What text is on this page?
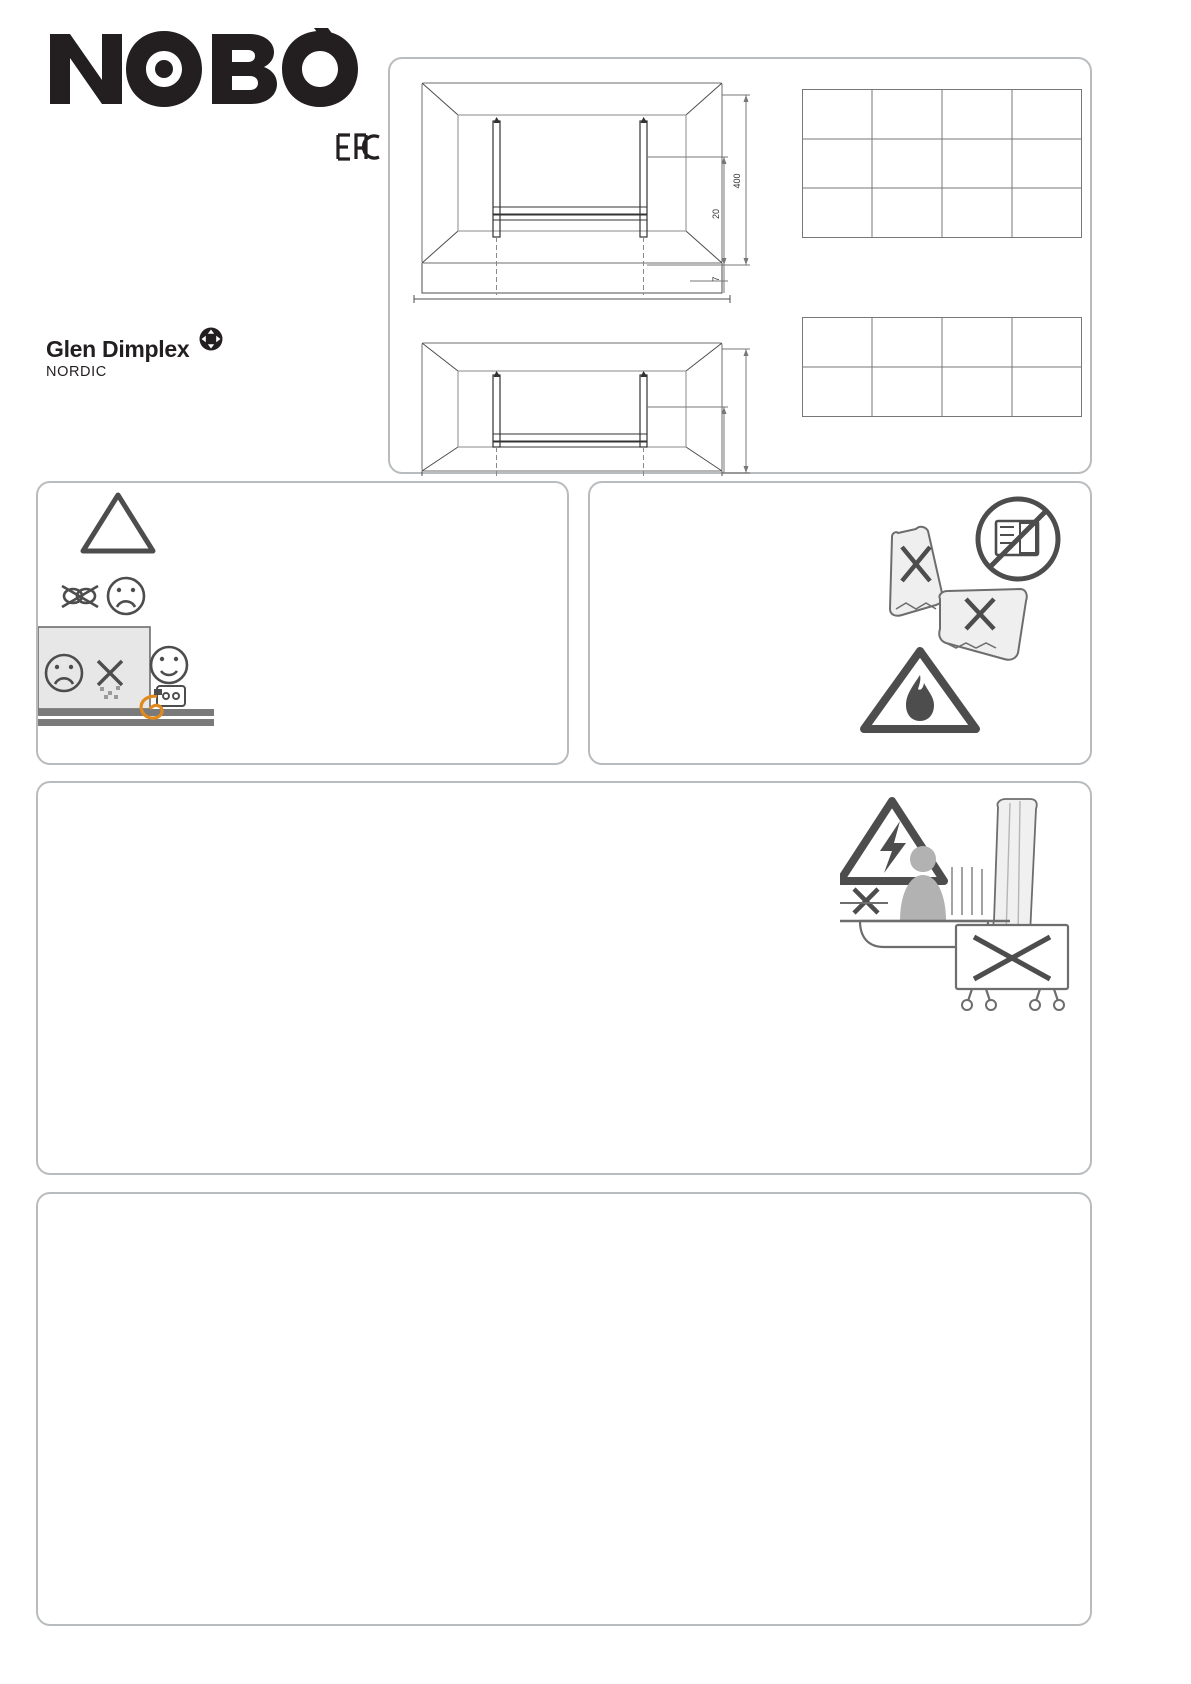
Glen Dimplex
NORDIC
400
20
7
